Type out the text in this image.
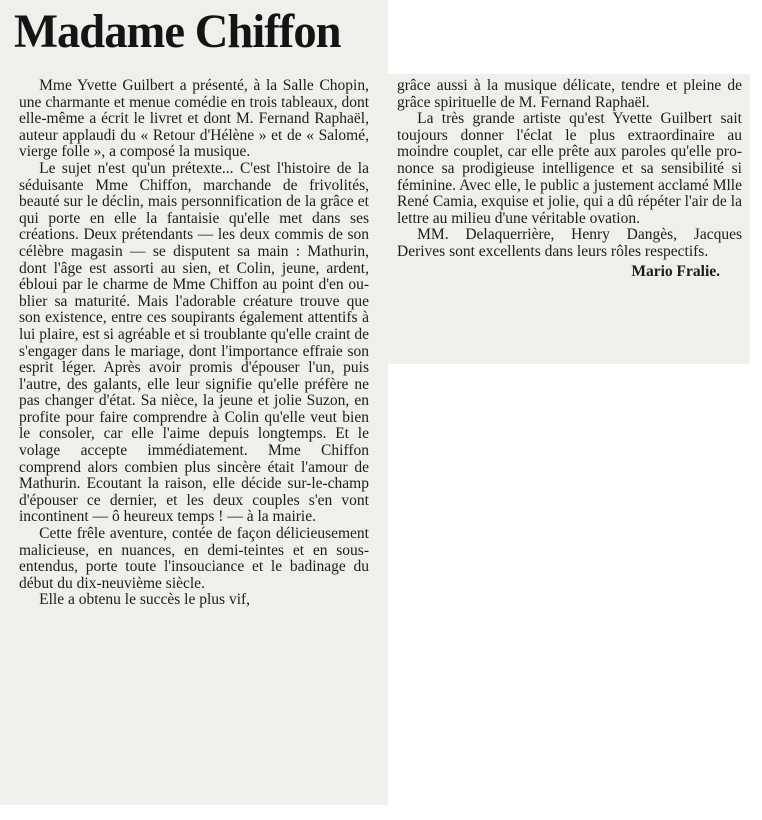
Madame Chiffon

Mme Yvette Guilbert a présenté, à la Salle Chopin, une charmante et menue comédie en trois tableaux, dont elle-même a écrit le livret et dont M. Fernand Raphaël, auteur applaudi du « Retour d'Hélène » et de « Salomé, vierge folle », a composé la musique.

Le sujet n'est qu'un prétexte... C'est l'histoire de la séduisante Mme Chiffon, marchande de frivolités, beauté sur le déclin, mais personnification de la grâce et qui porte en elle la fantaisie qu'elle met dans ses créations. Deux prétendants — les deux commis de son célèbre magasin — se disputent sa main : Mathurin, dont l'âge est assorti au sien, et Colin, jeune, ardent, ébloui par le charme de Mme Chiffon au point d'en oublier sa maturité. Mais l'adorable créature trouve que son existence, entre ces soupirants également attentifs à lui plaire, est si agréable et si troublante qu'elle craint de s'engager dans le mariage, dont l'importance effraie son esprit léger. Après avoir promis d'épouser l'un, puis l'autre, des galants, elle leur signifie qu'elle préfère ne pas changer d'état. Sa nièce, la jeune et jolie Suzon, en profite pour faire comprendre à Colin qu'elle veut bien le consoler, car elle l'aime depuis longtemps. Et le volage accepte immédiatement. Mme Chiffon comprend alors combien plus sincère était l'amour de Mathurin. Ecoutant la raison, elle décide sur-le-champ d'épouser ce dernier, et les deux couples s'en vont incontinent — ô heureux temps ! — à la mairie.

Cette frêle aventure, contée de façon délicieusement malicieuse, en nuances, en demi-teintes et en sous-entendus, porte toute l'insouciance et le badinage du début du dix-neuvième siècle.

Elle a obtenu le succès le plus vif,

grâce aussi à la musique délicate, tendre et pleine de grâce spirituelle de M. Fernand Raphaël.

La très grande artiste qu'est Yvette Guilbert sait toujours donner l'éclat le plus extraordinaire au moindre couplet, car elle prête aux paroles qu'elle prononce sa prodigieuse intelligence et sa sensibilité si féminine. Avec elle, le public a justement acclamé Mlle René Camia, exquise et jolie, qui a dû répéter l'air de la lettre au milieu d'une véritable ovation.

MM. Delaquerrière, Henry Dangès, Jacques Derives sont excellents dans leurs rôles respectifs.

Mario Fralie.
